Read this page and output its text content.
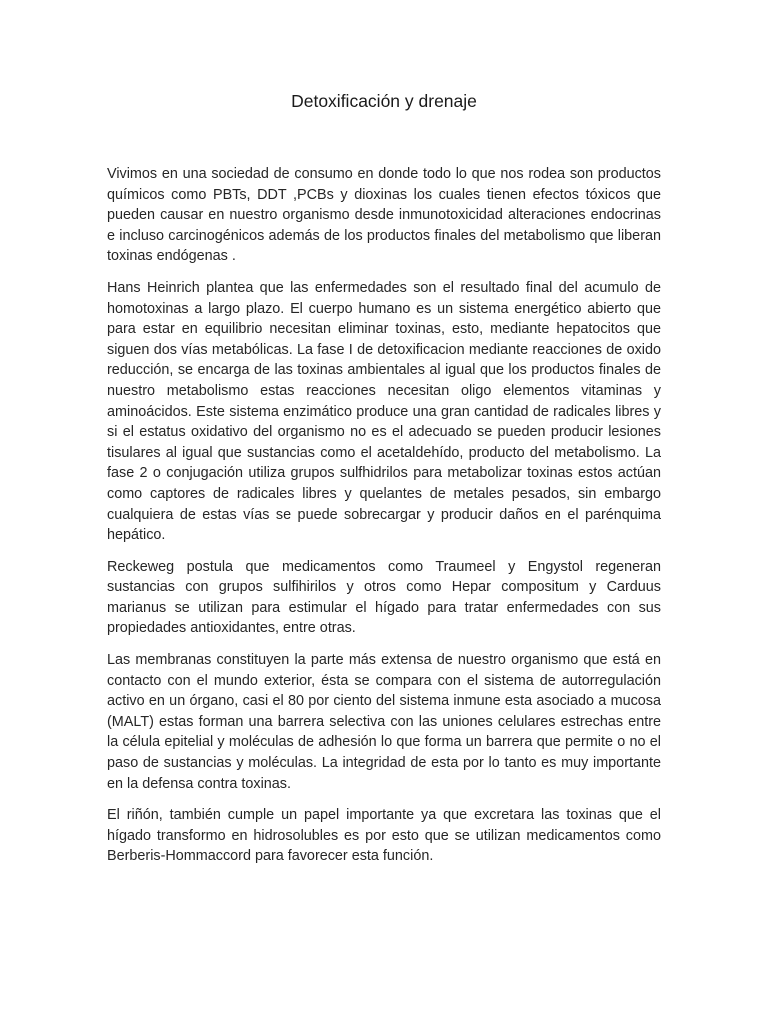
Detoxificación y drenaje

Vivimos en una sociedad de consumo en donde todo lo que nos rodea son productos químicos como PBTs, DDT ,PCBs y dioxinas los cuales tienen efectos tóxicos que pueden causar en nuestro organismo desde inmunotoxicidad alteraciones endocrinas e incluso carcinogénicos además de los productos finales del metabolismo que liberan toxinas endógenas .

Hans Heinrich plantea que las enfermedades son el resultado final del acumulo de homotoxinas a largo plazo. El cuerpo humano es un sistema energético abierto que para estar en equilibrio necesitan eliminar toxinas, esto, mediante hepatocitos que siguen dos vías metabólicas. La fase I de detoxificacion mediante reacciones de oxido reducción, se encarga de las toxinas ambientales al igual que los productos finales de nuestro metabolismo estas reacciones necesitan oligo elementos vitaminas y aminoácidos. Este sistema enzimático produce una gran cantidad de radicales libres y si el estatus oxidativo del organismo no es el adecuado se pueden producir lesiones tisulares al igual que sustancias como el acetaldehído, producto del metabolismo. La fase 2 o conjugación utiliza grupos sulfhidrilos para metabolizar toxinas estos actúan como captores de radicales libres y quelantes de metales pesados, sin embargo cualquiera de estas vías se puede sobrecargar y producir daños en el parénquima hepático.

Reckeweg postula que medicamentos como Traumeel y Engystol regeneran sustancias con grupos sulfihirilos y otros como Hepar compositum y Carduus marianus se utilizan para estimular el hígado para tratar enfermedades con sus propiedades antioxidantes, entre otras.

Las membranas constituyen la parte más extensa de nuestro organismo que está en contacto con el mundo exterior, ésta se compara con el sistema de autorregulación activo en un órgano, casi el 80 por ciento del sistema inmune esta asociado a mucosa (MALT) estas forman una barrera selectiva con las uniones celulares estrechas entre la célula epitelial y moléculas de adhesión lo que forma un barrera que permite o no el paso de sustancias y moléculas. La integridad de esta por lo tanto es muy importante en la defensa contra toxinas.

El riñón, también cumple un papel importante ya que excretara las toxinas que el hígado transformo en hidrosolubles es por esto que se utilizan medicamentos como Berberis-Hommaccord para favorecer esta función.
